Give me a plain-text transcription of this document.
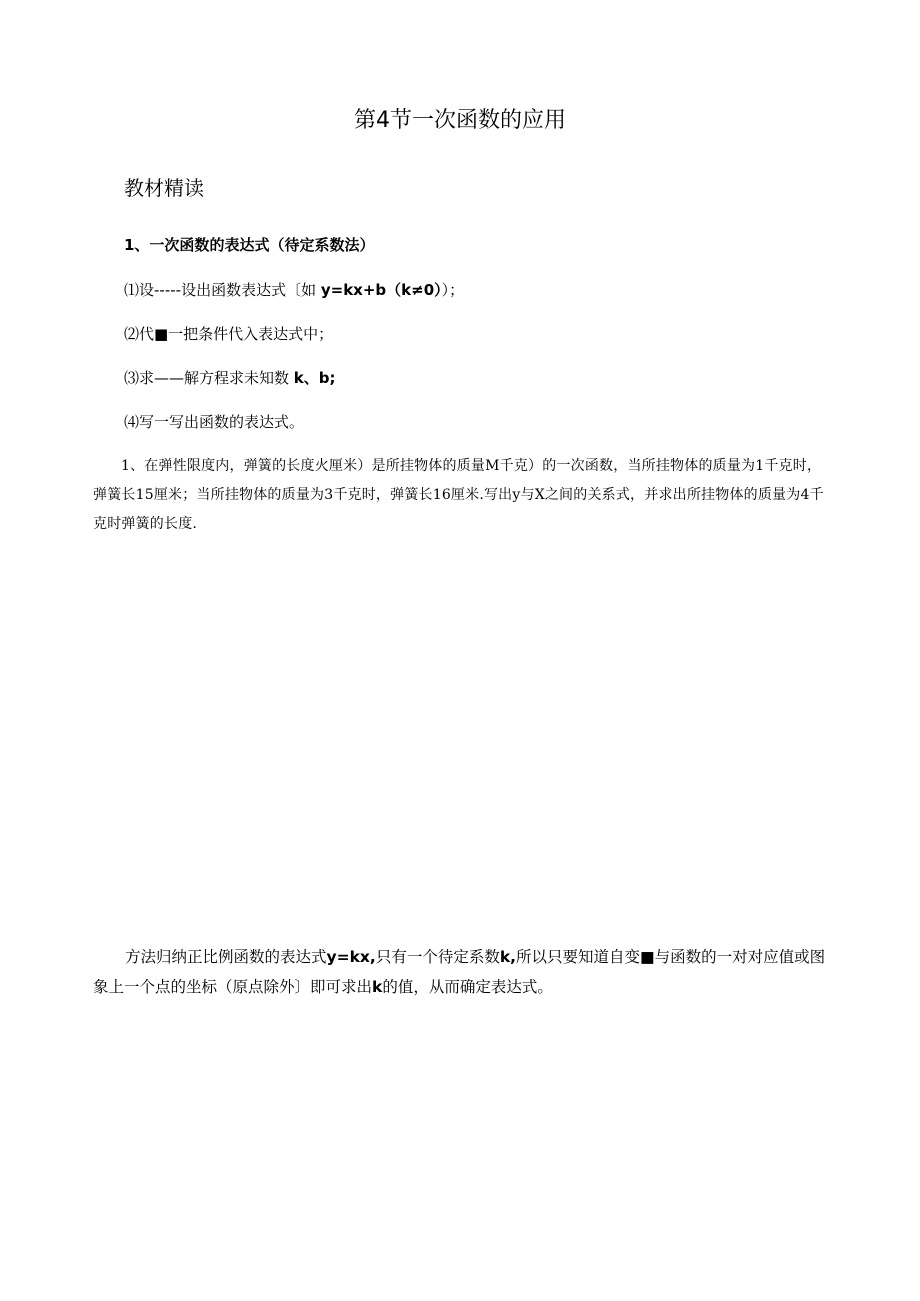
第4节一次函数的应用
教材精读
1、一次函数的表达式（待定系数法）
⑴设-----设出函数表达式〔如 y=kx+b（k≠0））；
⑵代■一把条件代入表达式中；
⑶求——解方程求未知数 k、b;
⑷写一写出函数的表达式。
1、在弹性限度内，弹簧的长度火厘米）是所挂物体的质量M千克）的一次函数，当所挂物体的质量为1千克时，弹簧长15厘米；当所挂物体的质量为3千克时，弹簧长16厘米.写出y与X之间的关系式，并求出所挂物体的质量为4千克时弹簧的长度.
方法归纳正比例函数的表达式y=kx,只有一个待定系数k,所以只要知道自变■与函数的一对对应值或图象上一个点的坐标（原点除外〕即可求出k的值，从而确定表达式。
